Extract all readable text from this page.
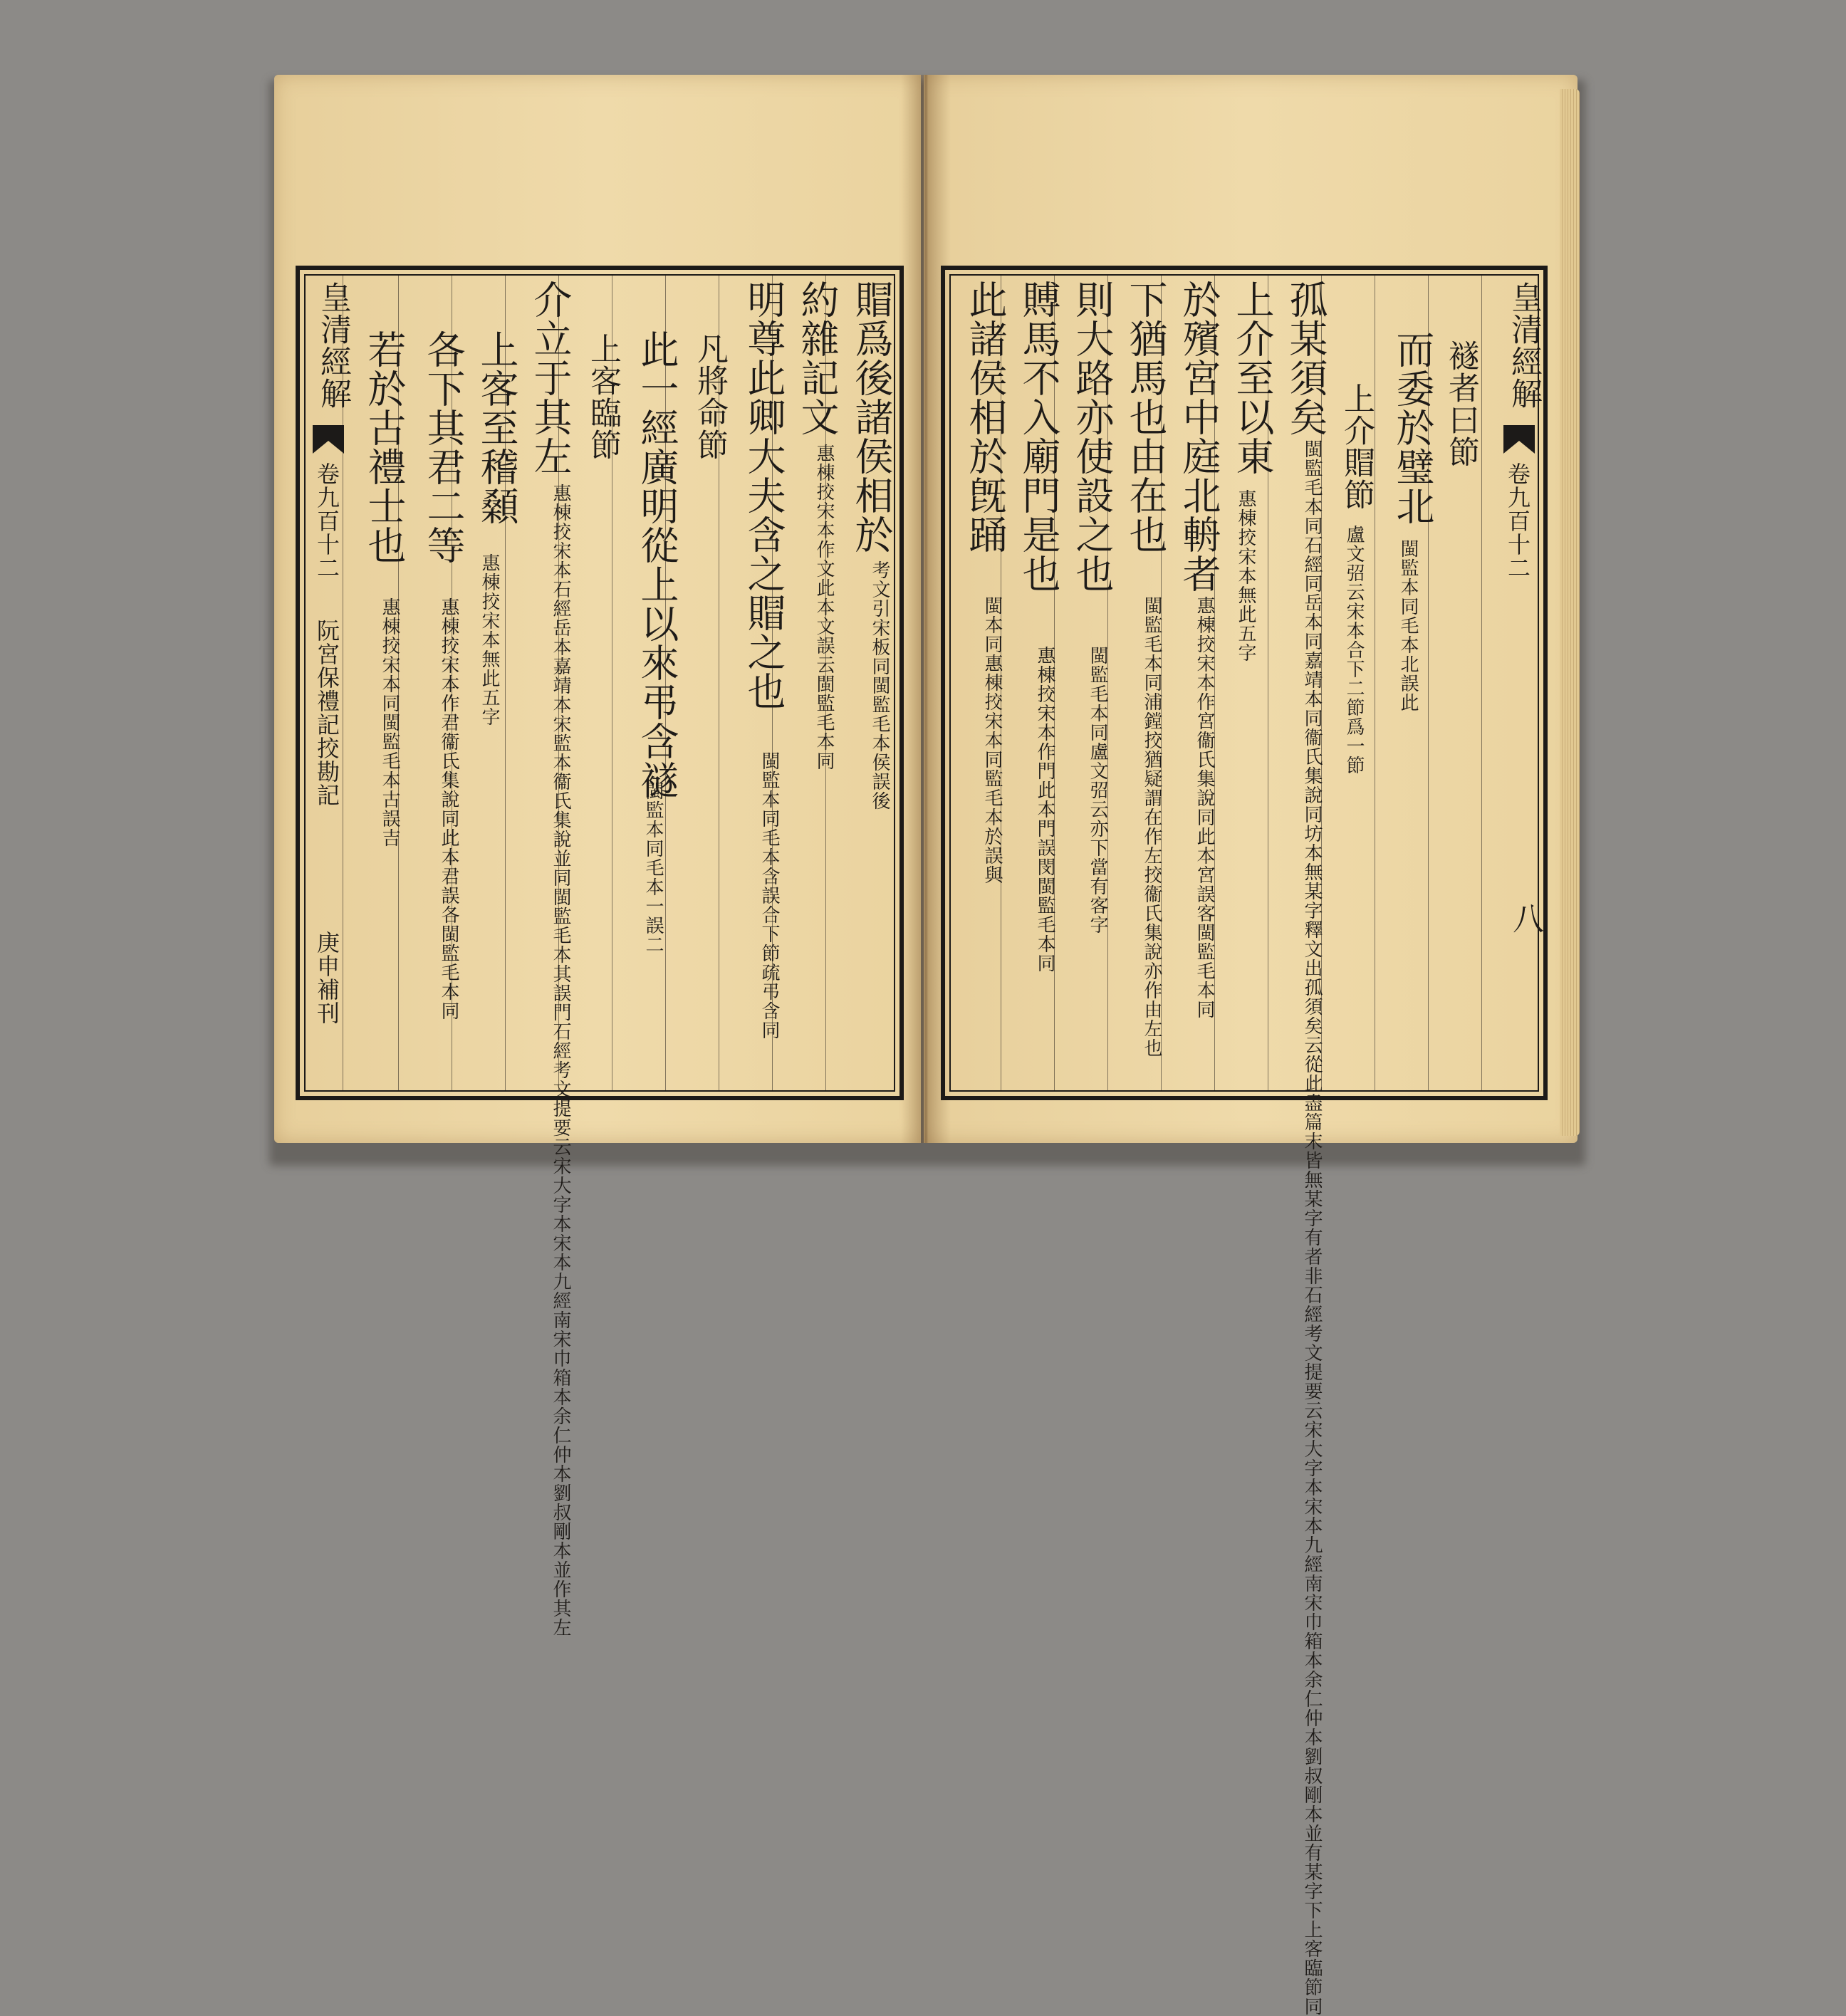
皇清經解
卷九百十二
阮宮保禮記挍勘記
庚申補刊
賵爲後諸侯相於
考文引宋板同閩監毛本侯誤後
約雜記文
惠棟挍宋本作文此本文誤云閩監毛本同
明尊此卿大夫含之賵之也
閩監本同毛本含誤合下節疏弔含同
凡將命節
此一經廣明從上以來弔含襚
閩監本同毛本一誤二
上客臨節
介立于其左
惠棟挍宋本石經岳本嘉靖本宋監本衞氏集說並同閩監毛本其誤門石經考文提要云宋大字本宋本九經南宋巾箱本余仁仲本劉叔剛本並作其左
上客至稽顙
惠棟挍宋本無此五字
各下其君二等
惠棟挍宋本作君衞氏集說同此本君誤各閩監毛本同
若於古禮士也
惠棟挍宋本同閩監毛本古誤吉
皇清經解
卷九百十二
八
襚者曰節
而委於璧北
閩監本同毛本北誤此
上介賵節
盧文弨云宋本合下二節爲一節
孤某須矣
閩監毛本同石經同岳本同嘉靖本同衞氏集說同坊本無某字釋文出孤須矣云從此盡篇末皆無某字有者非石經考文提要云宋大字本宋本九經南宋巾箱本余仁仲本劉叔剛本並有某字下上客臨節同
上介至以東
惠棟挍宋本無此五字
於殯宮中庭北輈者
惠棟挍宋本作宮衞氏集說同此本宮誤客閩監毛本同
下猶馬也由在也
閩監毛本同浦鏜挍猶疑謂在作左挍衞氏集說亦作由左也
則大路亦使設之也
閩監毛本同盧文弨云亦下當有客字
賻馬不入廟門是也
惠棟挍宋本作門此本門誤閔閩監毛本同
此諸侯相於旣踊
閩本同惠棟挍宋本同監毛本於誤與
